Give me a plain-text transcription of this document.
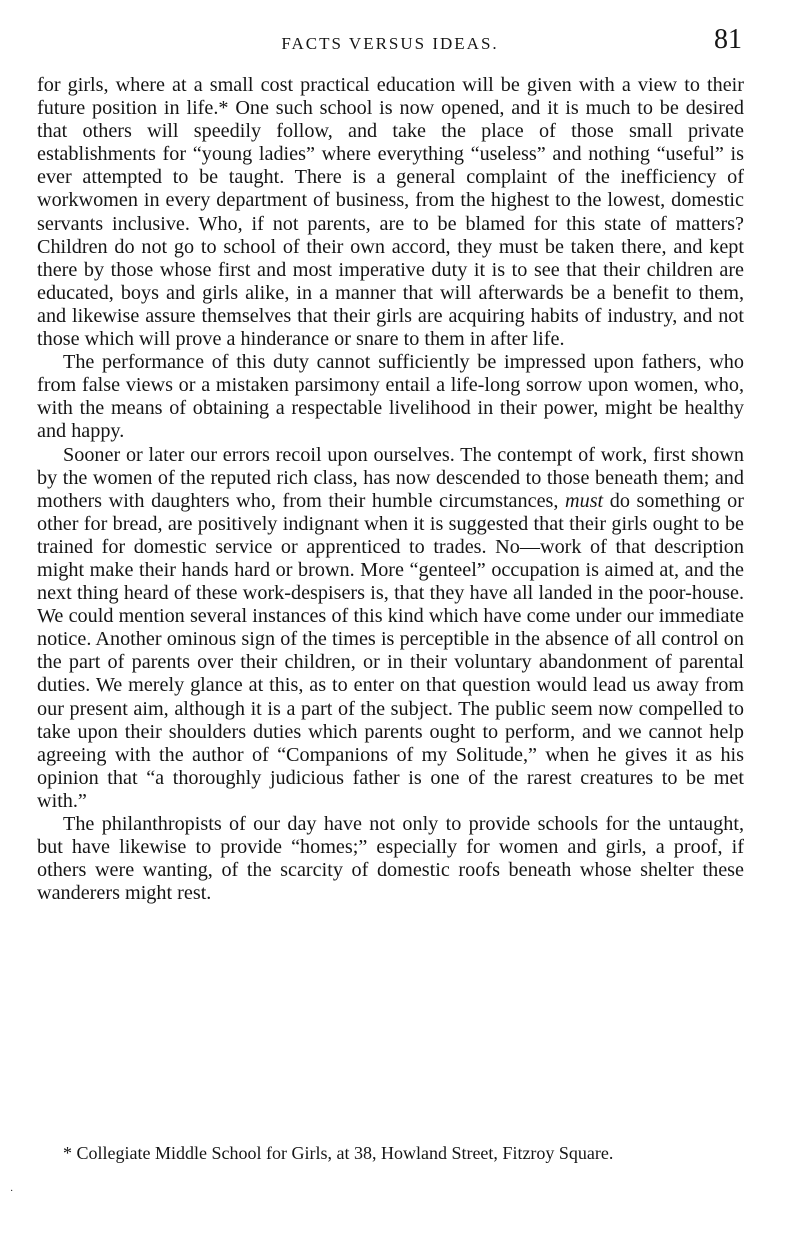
FACTS VERSUS IDEAS.	81

for girls, where at a small cost practical education will be given with a view to their future position in life.* One such school is now opened, and it is much to be desired that others will speedily follow, and take the place of those small private establishments for “young ladies” where everything “useless” and nothing “useful” is ever attempted to be taught. There is a general complaint of the inefficiency of workwomen in every department of business, from the highest to the lowest, domestic servants inclusive. Who, if not parents, are to be blamed for this state of matters? Children do not go to school of their own accord, they must be taken there, and kept there by those whose first and most imperative duty it is to see that their children are educated, boys and girls alike, in a manner that will afterwards be a benefit to them, and likewise assure themselves that their girls are acquiring habits of industry, and not those which will prove a hinderance or snare to them in after life.

The performance of this duty cannot sufficiently be impressed upon fathers, who from false views or a mistaken parsimony entail a life-long sorrow upon women, who, with the means of obtaining a respectable livelihood in their power, might be healthy and happy.

Sooner or later our errors recoil upon ourselves. The contempt of work, first shown by the women of the reputed rich class, has now descended to those beneath them; and mothers with daughters who, from their humble circumstances, must do something or other for bread, are positively indignant when it is suggested that their girls ought to be trained for domestic service or apprenticed to trades. No—work of that description might make their hands hard or brown. More “genteel” occupation is aimed at, and the next thing heard of these work-despisers is, that they have all landed in the poor-house. We could mention several instances of this kind which have come under our immediate notice. Another ominous sign of the times is perceptible in the absence of all control on the part of parents over their children, or in their voluntary abandonment of parental duties. We merely glance at this, as to enter on that question would lead us away from our present aim, although it is a part of the subject. The public seem now compelled to take upon their shoulders duties which parents ought to perform, and we cannot help agreeing with the author of “Companions of my Solitude,” when he gives it as his opinion that “a thoroughly judicious father is one of the rarest creatures to be met with.”

The philanthropists of our day have not only to provide schools for the untaught, but have likewise to provide “homes;” especially for women and girls, a proof, if others were wanting, of the scarcity of domestic roofs beneath whose shelter these wanderers might rest.

* Collegiate Middle School for Girls, at 38, Howland Street, Fitzroy Square.

·
